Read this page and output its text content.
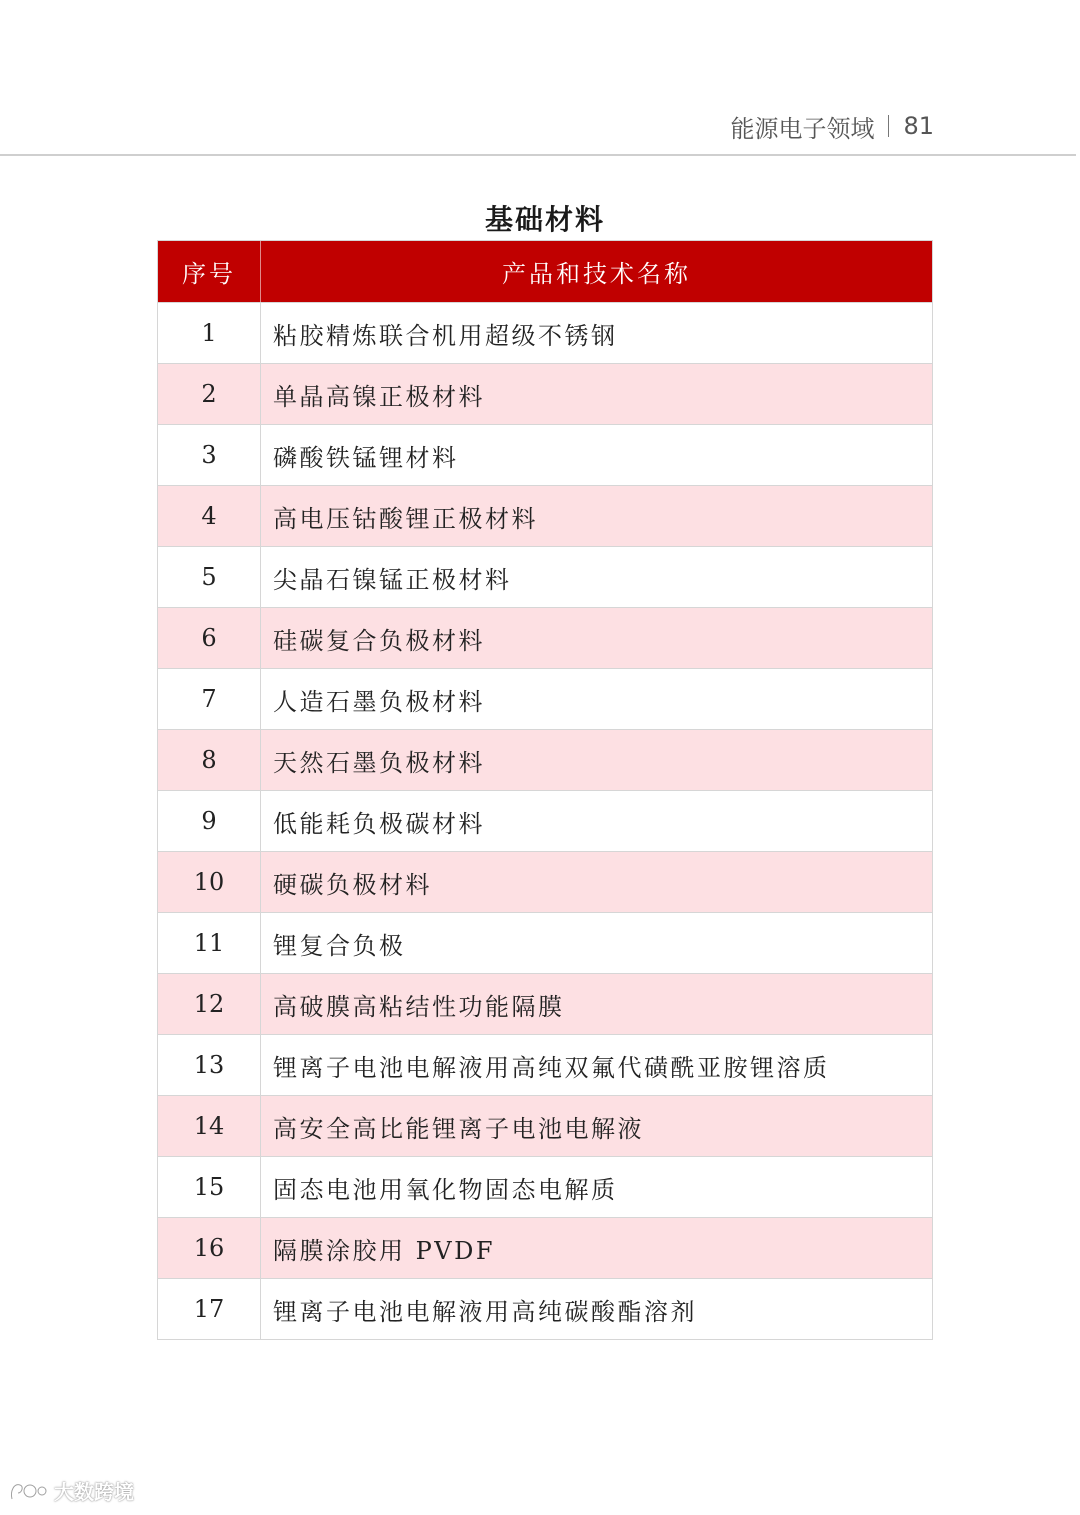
能源电子领域 81
基础材料
序号	产品和技术名称
1	粘胶精炼联合机用超级不锈钢
2	单晶高镍正极材料
3	磷酸铁锰锂材料
4	高电压钴酸锂正极材料
5	尖晶石镍锰正极材料
6	硅碳复合负极材料
7	人造石墨负极材料
8	天然石墨负极材料
9	低能耗负极碳材料
10	硬碳负极材料
11	锂复合负极
12	高破膜高粘结性功能隔膜
13	锂离子电池电解液用高纯双氟代磺酰亚胺锂溶质
14	高安全高比能锂离子电池电解液
15	固态电池用氧化物固态电解质
16	隔膜涂胶用 PVDF
17	锂离子电池电解液用高纯碳酸酯溶剂
大数跨境
